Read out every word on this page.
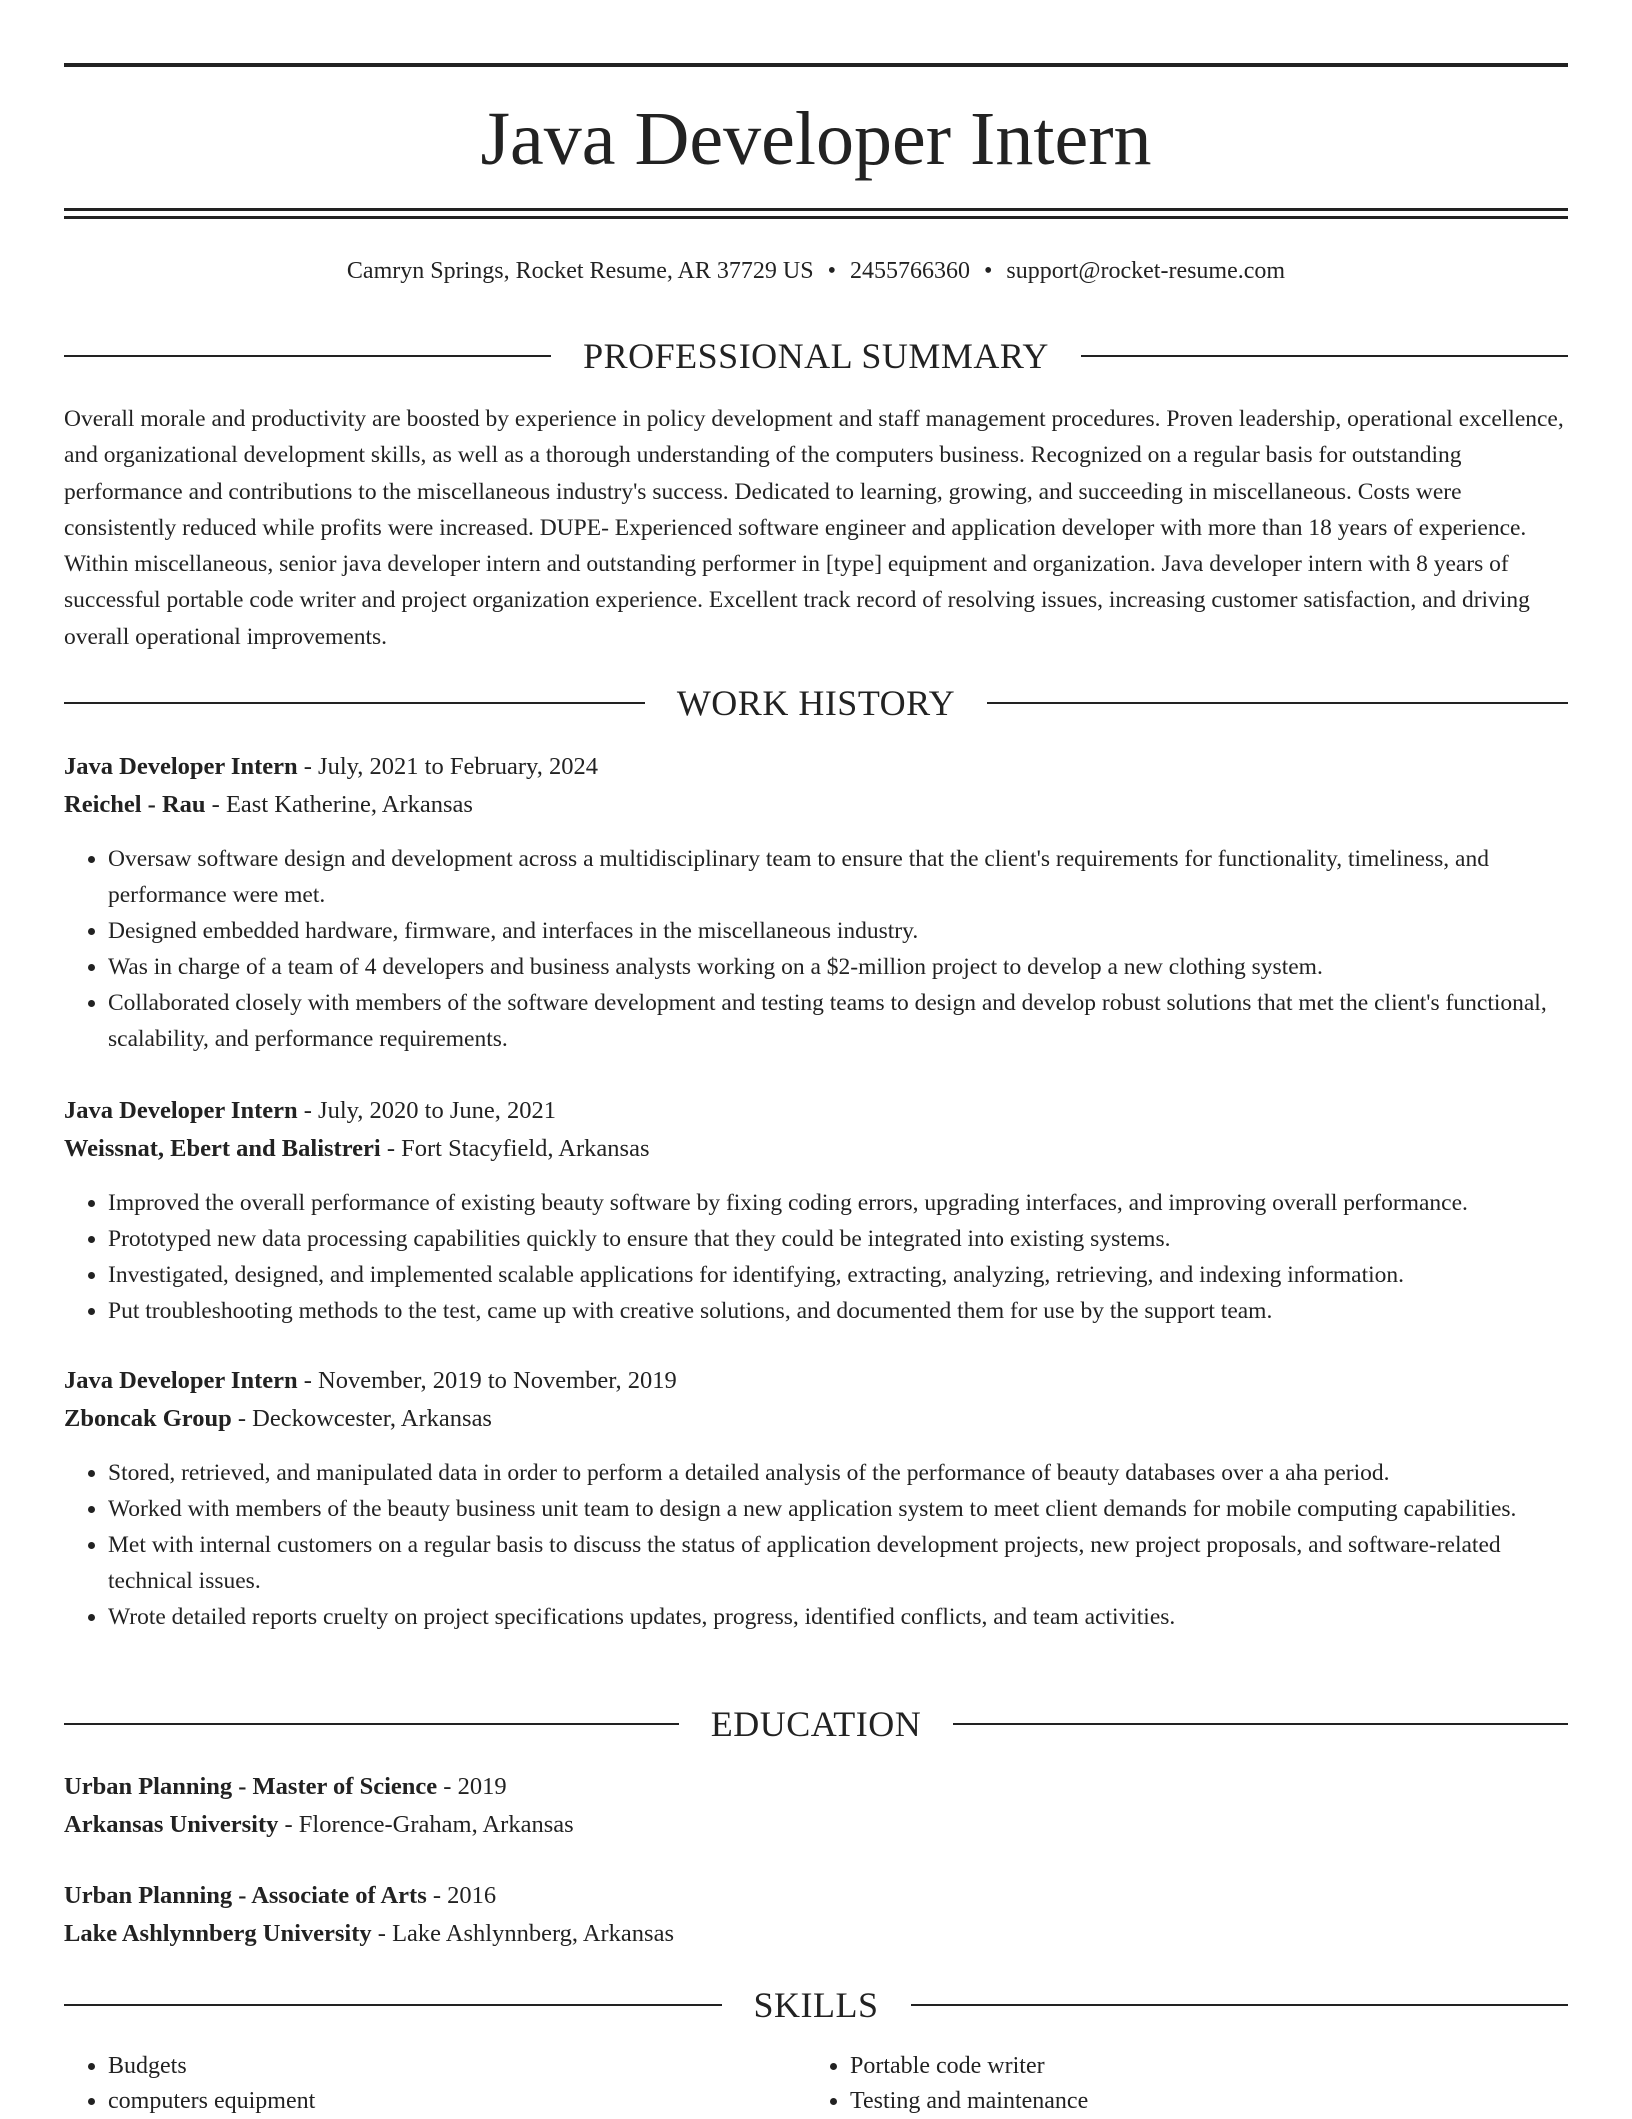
Java Developer Intern
Camryn Springs, Rocket Resume, AR 37729 US • 2455766360 • support@rocket-resume.com
PROFESSIONAL SUMMARY

Overall morale and productivity are boosted by experience in policy development and staff management procedures. Proven leadership, operational excellence, and organizational development skills, as well as a thorough understanding of the computers business. Recognized on a regular basis for outstanding performance and contributions to the miscellaneous industry's success. Dedicated to learning, growing, and succeeding in miscellaneous. Costs were consistently reduced while profits were increased. DUPE- Experienced software engineer and application developer with more than 18 years of experience. Within miscellaneous, senior java developer intern and outstanding performer in [type] equipment and organization. Java developer intern with 8 years of successful portable code writer and project organization experience. Excellent track record of resolving issues, increasing customer satisfaction, and driving overall operational improvements.

WORK HISTORY
Java Developer Intern - July, 2021 to February, 2024
Reichel - Rau - East Katherine, Arkansas
• Oversaw software design and development across a multidisciplinary team to ensure that the client's requirements for functionality, timeliness, and performance were met.
• Designed embedded hardware, firmware, and interfaces in the miscellaneous industry.
• Was in charge of a team of 4 developers and business analysts working on a $2-million project to develop a new clothing system.
• Collaborated closely with members of the software development and testing teams to design and develop robust solutions that met the client's functional, scalability, and performance requirements.
Java Developer Intern - July, 2020 to June, 2021
Weissnat, Ebert and Balistreri - Fort Stacyfield, Arkansas
• Improved the overall performance of existing beauty software by fixing coding errors, upgrading interfaces, and improving overall performance.
• Prototyped new data processing capabilities quickly to ensure that they could be integrated into existing systems.
• Investigated, designed, and implemented scalable applications for identifying, extracting, analyzing, retrieving, and indexing information.
• Put troubleshooting methods to the test, came up with creative solutions, and documented them for use by the support team.
Java Developer Intern - November, 2019 to November, 2019
Zboncak Group - Deckowcester, Arkansas
• Stored, retrieved, and manipulated data in order to perform a detailed analysis of the performance of beauty databases over a aha period.
• Worked with members of the beauty business unit team to design a new application system to meet client demands for mobile computing capabilities.
• Met with internal customers on a regular basis to discuss the status of application development projects, new project proposals, and software-related technical issues.
• Wrote detailed reports cruelty on project specifications updates, progress, identified conflicts, and team activities.
EDUCATION
Urban Planning - Master of Science - 2019
Arkansas University - Florence-Graham, Arkansas
Urban Planning - Associate of Arts - 2016
Lake Ashlynnberg University - Lake Ashlynnberg, Arkansas
SKILLS
• Budgets
• computers equipment
• Portable code writer
• Testing and maintenance
